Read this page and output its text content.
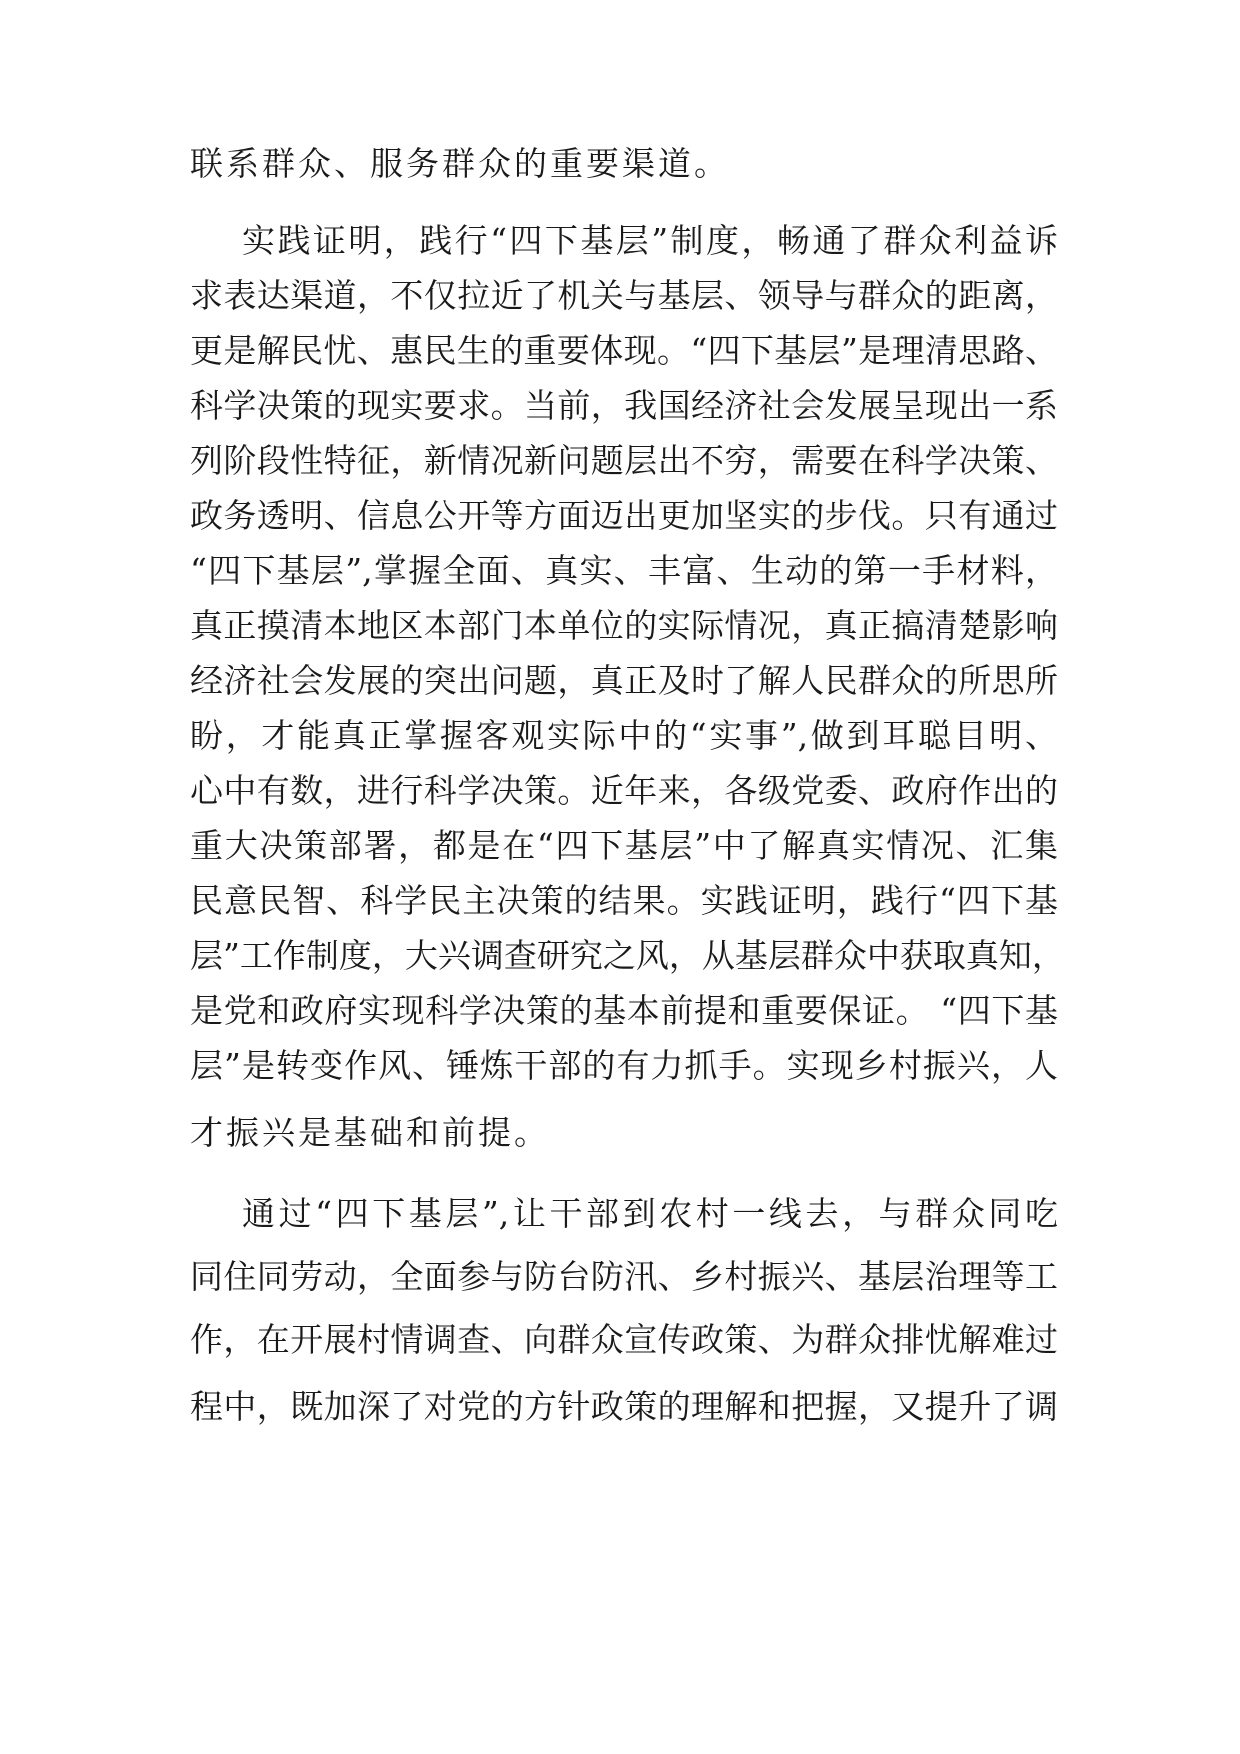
联系群众、服务群众的重要渠道。
实践证明，践行“四下基层”制度，畅通了群众利益诉
求表达渠道，不仅拉近了机关与基层、领导与群众的距离，
更是解民忧、惠民生的重要体现。“四下基层”是理清思路、
科学决策的现实要求。当前，我国经济社会发展呈现出一系
列阶段性特征，新情况新问题层出不穷，需要在科学决策、
政务透明、信息公开等方面迈出更加坚实的步伐。只有通过
“四下基层”,掌握全面、真实、丰富、生动的第一手材料，
真正摸清本地区本部门本单位的实际情况，真正搞清楚影响
经济社会发展的突出问题，真正及时了解人民群众的所思所
盼，才能真正掌握客观实际中的“实事”,做到耳聪目明、
心中有数，进行科学决策。近年来，各级党委、政府作出的
重大决策部署，都是在“四下基层”中了解真实情况、汇集
民意民智、科学民主决策的结果。实践证明，践行“四下基
层”工作制度，大兴调查研究之风，从基层群众中获取真知，
是党和政府实现科学决策的基本前提和重要保证。 “四下基
层”是转变作风、锤炼干部的有力抓手。实现乡村振兴，人
才振兴是基础和前提。
通过“四下基层”,让干部到农村一线去，与群众同吃
同住同劳动，全面参与防台防汛、乡村振兴、基层治理等工
作，在开展村情调查、向群众宣传政策、为群众排忧解难过
程中，既加深了对党的方针政策的理解和把握，又提升了调
